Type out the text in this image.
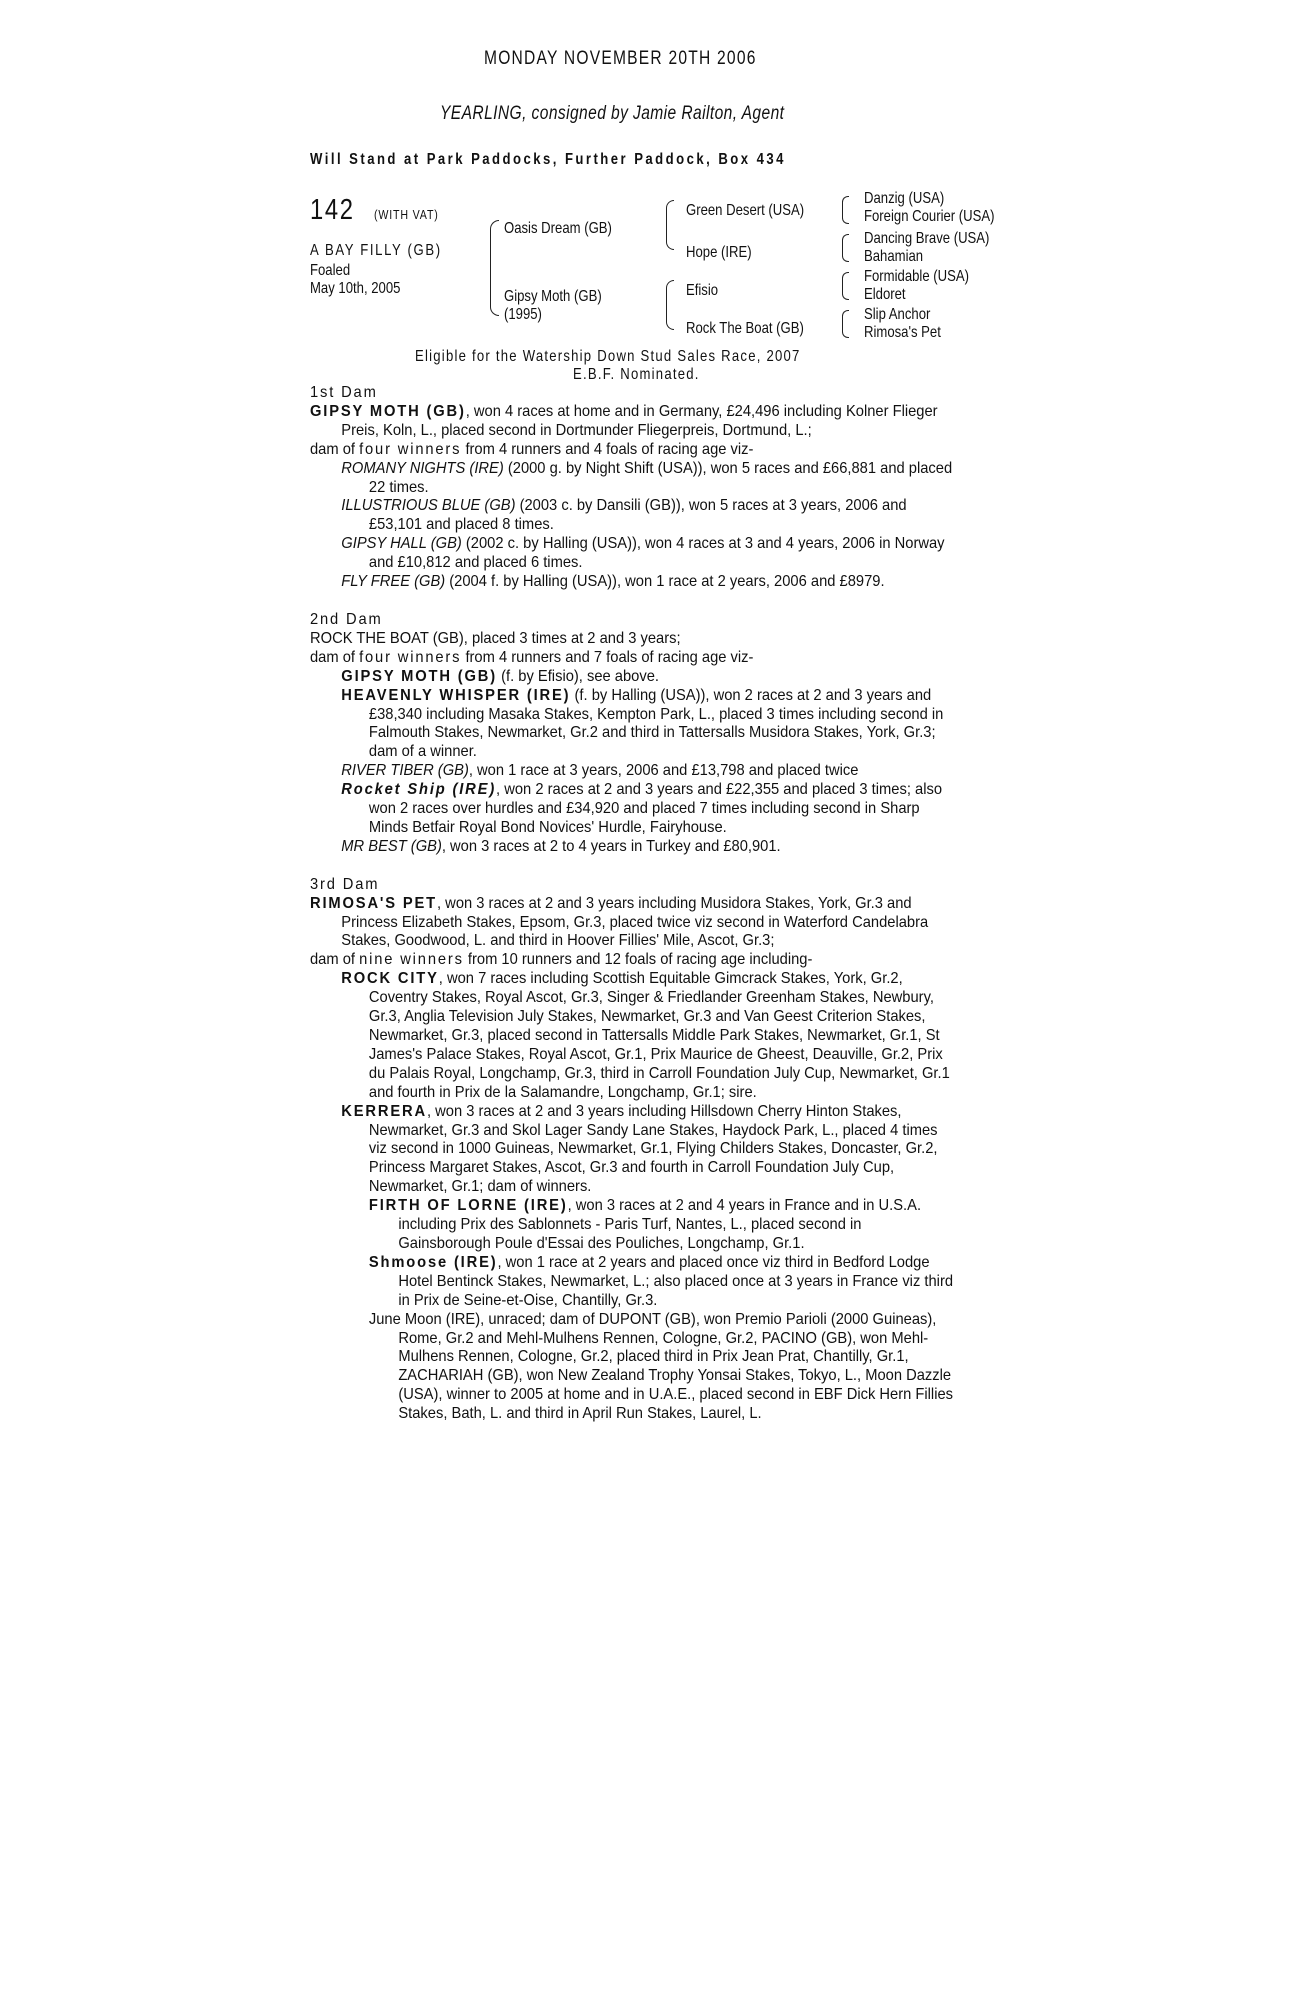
MONDAY NOVEMBER 20TH 2006
YEARLING, consigned by Jamie Railton, Agent
Will Stand at Park Paddocks, Further Paddock, Box 434
142	(WITH VAT)
A BAY FILLY (GB)
Foaled
May 10th, 2005
Oasis Dream (GB)
Gipsy Moth (GB)
(1995)
Green Desert (USA)
Hope (IRE)
Efisio
Rock The Boat (GB)
Danzig (USA)
Foreign Courier (USA)
Dancing Brave (USA)
Bahamian
Formidable (USA)
Eldoret
Slip Anchor
Rimosa's Pet
Eligible for the Watership Down Stud Sales Race, 2007
E.B.F. Nominated.

1st Dam

GIPSY MOTH (GB), won 4 races at home and in Germany, £24,496 including Kolner Flieger Preis, Koln, L., placed second in Dortmunder Fliegerpreis, Dortmund, L.;

dam of four winners from 4 runners and 4 foals of racing age viz-

ROMANY NIGHTS (IRE) (2000 g. by Night Shift (USA)), won 5 races and £66,881 and placed 22 times.

ILLUSTRIOUS BLUE (GB) (2003 c. by Dansili (GB)), won 5 races at 3 years, 2006 and £53,101 and placed 8 times.

GIPSY HALL (GB) (2002 c. by Halling (USA)), won 4 races at 3 and 4 years, 2006 in Norway and £10,812 and placed 6 times.

FLY FREE (GB) (2004 f. by Halling (USA)), won 1 race at 2 years, 2006 and £8979.

2nd Dam

ROCK THE BOAT (GB), placed 3 times at 2 and 3 years;

dam of four winners from 4 runners and 7 foals of racing age viz-

GIPSY MOTH (GB) (f. by Efisio), see above.

HEAVENLY WHISPER (IRE) (f. by Halling (USA)), won 2 races at 2 and 3 years and £38,340 including Masaka Stakes, Kempton Park, L., placed 3 times including second in Falmouth Stakes, Newmarket, Gr.2 and third in Tattersalls Musidora Stakes, York, Gr.3; dam of a winner.

RIVER TIBER (GB), won 1 race at 3 years, 2006 and £13,798 and placed twice

Rocket Ship (IRE), won 2 races at 2 and 3 years and £22,355 and placed 3 times; also won 2 races over hurdles and £34,920 and placed 7 times including second in Sharp Minds Betfair Royal Bond Novices' Hurdle, Fairyhouse.

MR BEST (GB), won 3 races at 2 to 4 years in Turkey and £80,901.

3rd Dam

RIMOSA'S PET, won 3 races at 2 and 3 years including Musidora Stakes, York, Gr.3 and Princess Elizabeth Stakes, Epsom, Gr.3, placed twice viz second in Waterford Candelabra Stakes, Goodwood, L. and third in Hoover Fillies' Mile, Ascot, Gr.3;

dam of nine winners from 10 runners and 12 foals of racing age including-

ROCK CITY, won 7 races including Scottish Equitable Gimcrack Stakes, York, Gr.2, Coventry Stakes, Royal Ascot, Gr.3, Singer & Friedlander Greenham Stakes, Newbury, Gr.3, Anglia Television July Stakes, Newmarket, Gr.3 and Van Geest Criterion Stakes, Newmarket, Gr.3, placed second in Tattersalls Middle Park Stakes, Newmarket, Gr.1, St James's Palace Stakes, Royal Ascot, Gr.1, Prix Maurice de Gheest, Deauville, Gr.2, Prix du Palais Royal, Longchamp, Gr.3, third in Carroll Foundation July Cup, Newmarket, Gr.1 and fourth in Prix de la Salamandre, Longchamp, Gr.1; sire.

KERRERA, won 3 races at 2 and 3 years including Hillsdown Cherry Hinton Stakes, Newmarket, Gr.3 and Skol Lager Sandy Lane Stakes, Haydock Park, L., placed 4 times viz second in 1000 Guineas, Newmarket, Gr.1, Flying Childers Stakes, Doncaster, Gr.2, Princess Margaret Stakes, Ascot, Gr.3 and fourth in Carroll Foundation July Cup, Newmarket, Gr.1; dam of winners.

FIRTH OF LORNE (IRE), won 3 races at 2 and 4 years in France and in U.S.A. including Prix des Sablonnets - Paris Turf, Nantes, L., placed second in Gainsborough Poule d'Essai des Pouliches, Longchamp, Gr.1.

Shmoose (IRE), won 1 race at 2 years and placed once viz third in Bedford Lodge Hotel Bentinck Stakes, Newmarket, L.; also placed once at 3 years in France viz third in Prix de Seine-et-Oise, Chantilly, Gr.3.

June Moon (IRE), unraced; dam of DUPONT (GB), won Premio Parioli (2000 Guineas), Rome, Gr.2 and Mehl-Mulhens Rennen, Cologne, Gr.2, PACINO (GB), won Mehl-Mulhens Rennen, Cologne, Gr.2, placed third in Prix Jean Prat, Chantilly, Gr.1, ZACHARIAH (GB), won New Zealand Trophy Yonsai Stakes, Tokyo, L., Moon Dazzle (USA), winner to 2005 at home and in U.A.E., placed second in EBF Dick Hern Fillies Stakes, Bath, L. and third in April Run Stakes, Laurel, L.
